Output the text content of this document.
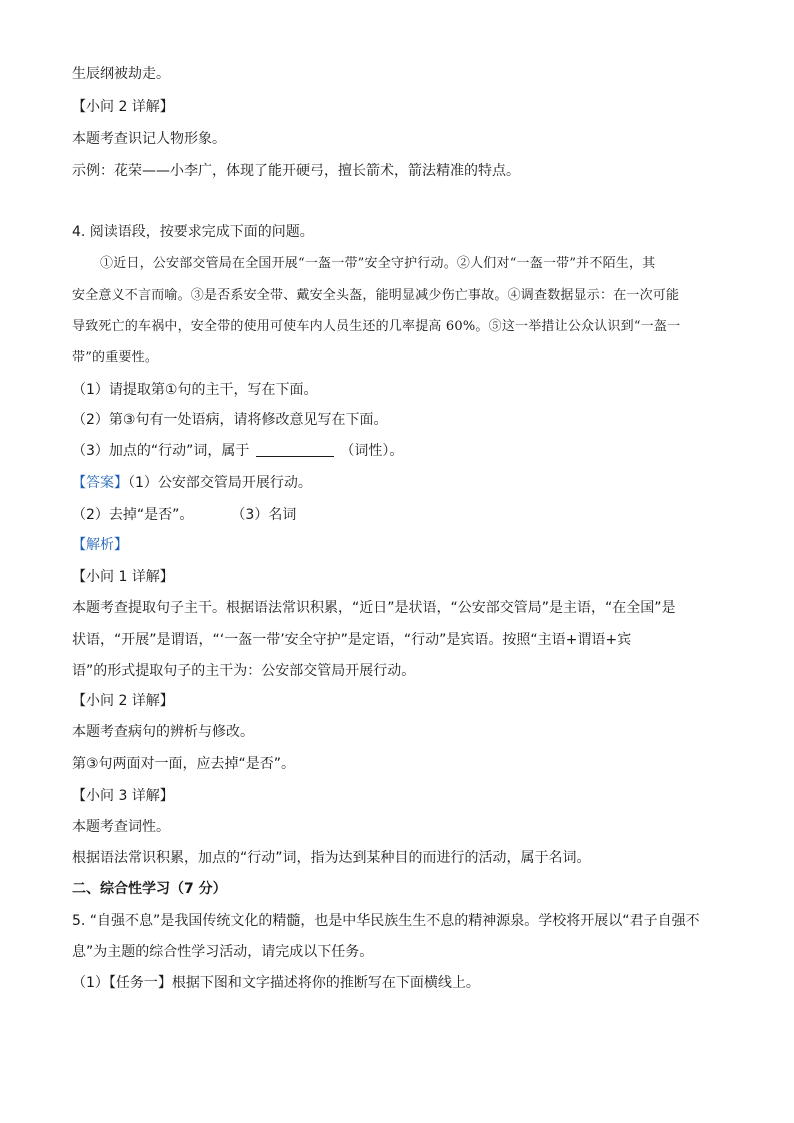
生辰纲被劫走。
【小问 2 详解】
本题考查识记人物形象。
示例：花荣——小李广，体现了能开硬弓，擅长箭术，箭法精准的特点。
4. 阅读语段，按要求完成下面的问题。
①近日，公安部交管局在全国开展“一盔一带”安全守护行动。②人们对“一盔一带”并不陌生，其
安全意义不言而喻。③是否系安全带、戴安全头盔，能明显减少伤亡事故。④调查数据显示：在一次可能
导致死亡的车祸中，安全带的使用可使车内人员生还的几率提高 60%。⑤这一举措让公众认识到“一盔一
带”的重要性。
（1）请提取第①句的主干，写在下面。
（2）第③句有一处语病，请将修改意见写在下面。
（3）加点的“行动”词，属于	（词性）。
【答案】（1）公安部交管局开展行动。
（2）去掉“是否”。	（3）名词
【解析】
【小问 1 详解】
本题考查提取句子主干。根据语法常识积累，“近日”是状语，“公安部交管局”是主语，“在全国”是
状语，“开展”是谓语，“‘一盔一带’安全守护”是定语，“行动”是宾语。按照“主语+谓语+宾
语”的形式提取句子的主干为：公安部交管局开展行动。
【小问 2 详解】
本题考查病句的辨析与修改。
第③句两面对一面，应去掉“是否”。
【小问 3 详解】
本题考查词性。
根据语法常识积累，加点的“行动”词，指为达到某种目的而进行的活动，属于名词。
二、综合性学习（7 分）
5. “自强不息”是我国传统文化的精髓，也是中华民族生生不息的精神源泉。学校将开展以“君子自强不
息”为主题的综合性学习活动，请完成以下任务。
（1）【任务一】根据下图和文字描述将你的推断写在下面横线上。
